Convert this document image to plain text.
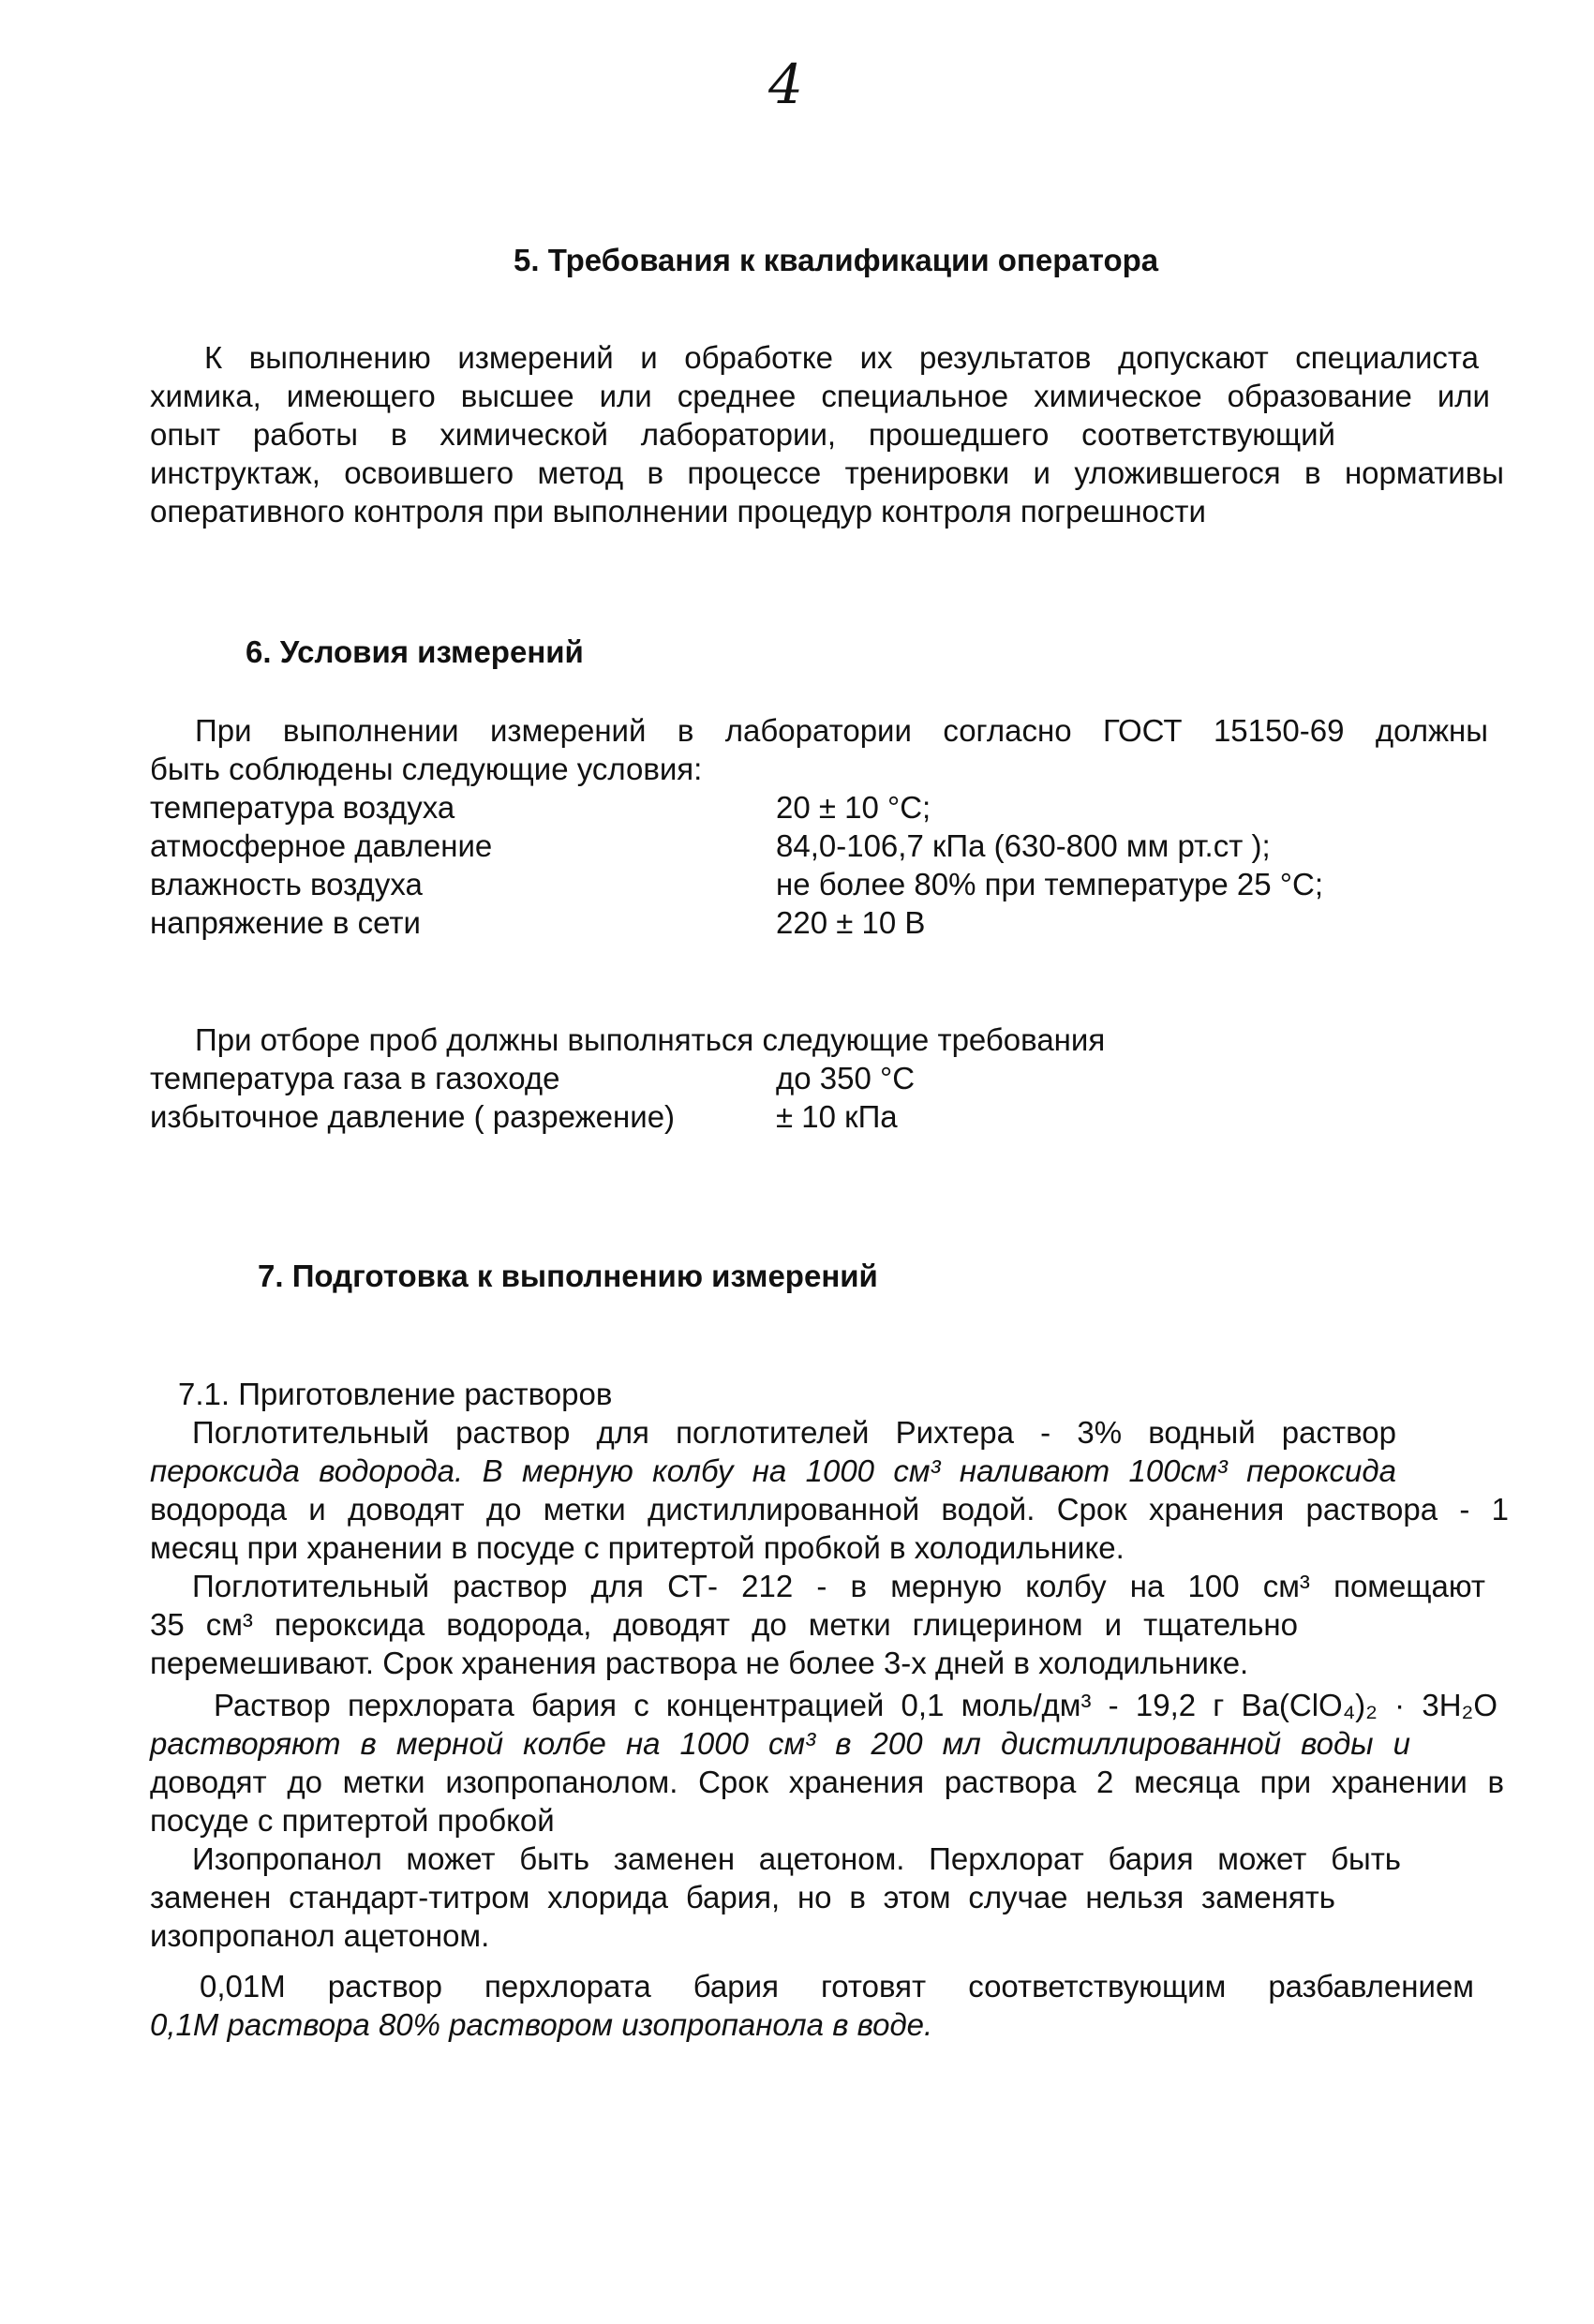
4
5. Требования к квалификации оператора
К выполнению измерений и обработке их результатов допускают специалиста
химика, имеющего высшее или среднее специальное химическое образование или
опыт работы в химической лаборатории, прошедшего соответствующий
инструктаж, освоившего метод в процессе тренировки и уложившегося в нормативы
оперативного контроля при выполнении процедур контроля погрешности
6. Условия измерений
При выполнении измерений в лаборатории согласно ГОСТ 15150-69 должны
быть соблюдены следующие условия:
температура воздуха	20 ± 10 °С;
атмосферное давление	84,0-106,7 кПа (630-800 мм рт.ст );
влажность воздуха	не более 80% при температуре 25 °С;
напряжение в сети	220 ± 10 В
При отборе проб должны выполняться следующие требования
температура газа в газоходе	до 350 °С
избыточное давление ( разрежение)	± 10 кПа
7. Подготовка к выполнению измерений
7.1. Приготовление растворов
Поглотительный раствор для поглотителей Рихтера - 3% водный раствор
пероксида водорода. В мерную колбу на 1000 см³ наливают 100см³ пероксида
водорода и доводят до метки дистиллированной водой. Срок хранения раствора - 1
месяц при хранении в посуде с притертой пробкой в холодильнике.
Поглотительный раствор для СТ- 212 - в мерную колбу на 100 см³ помещают
35 см³ пероксида водорода, доводят до метки глицерином и тщательно
перемешивают. Срок хранения раствора не более 3-х дней в холодильнике.
Раствор перхлората бария с концентрацией 0,1 моль/дм³ - 19,2 г Ba(ClO₄)₂ · 3H₂O
растворяют в мерной колбе на 1000 см³ в 200 мл дистиллированной воды и
доводят до метки изопропанолом. Срок хранения раствора 2 месяца при хранении в
посуде с притертой пробкой
Изопропанол может быть заменен ацетоном. Перхлорат бария может быть
заменен стандарт-титром хлорида бария, но в этом случае нельзя заменять
изопропанол ацетоном.
0,01М раствор перхлората бария готовят соответствующим разбавлением
0,1М раствора 80% раствором изопропанола в воде.
